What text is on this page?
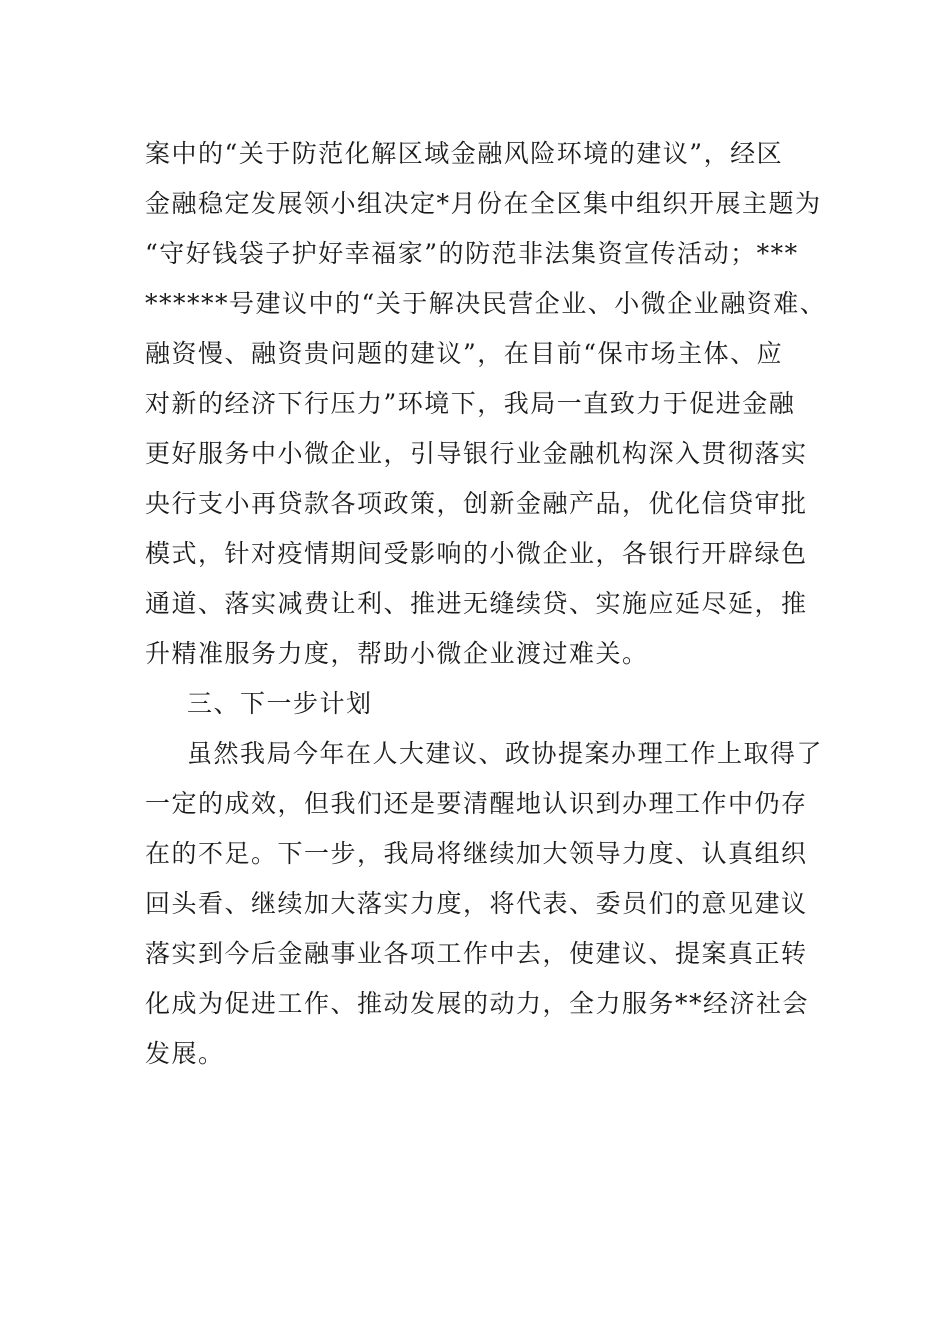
案中的“关于防范化解区域金融风险环境的建议”，经区
金融稳定发展领小组决定*月份在全区集中组织开展主题为
“守好钱袋子护好幸福家”的防范非法集资宣传活动；***
******号建议中的“关于解决民营企业、小微企业融资难、
融资慢、融资贵问题的建议”，在目前“保市场主体、应
对新的经济下行压力”环境下，我局一直致力于促进金融
更好服务中小微企业，引导银行业金融机构深入贯彻落实
央行支小再贷款各项政策，创新金融产品，优化信贷审批
模式，针对疫情期间受影响的小微企业，各银行开辟绿色
通道、落实减费让利、推进无缝续贷、实施应延尽延，推
升精准服务力度，帮助小微企业渡过难关。
三、下一步计划
虽然我局今年在人大建议、政协提案办理工作上取得了
一定的成效，但我们还是要清醒地认识到办理工作中仍存
在的不足。下一步，我局将继续加大领导力度、认真组织
回头看、继续加大落实力度，将代表、委员们的意见建议
落实到今后金融事业各项工作中去，使建议、提案真正转
化成为促进工作、推动发展的动力，全力服务**经济社会
发展。
